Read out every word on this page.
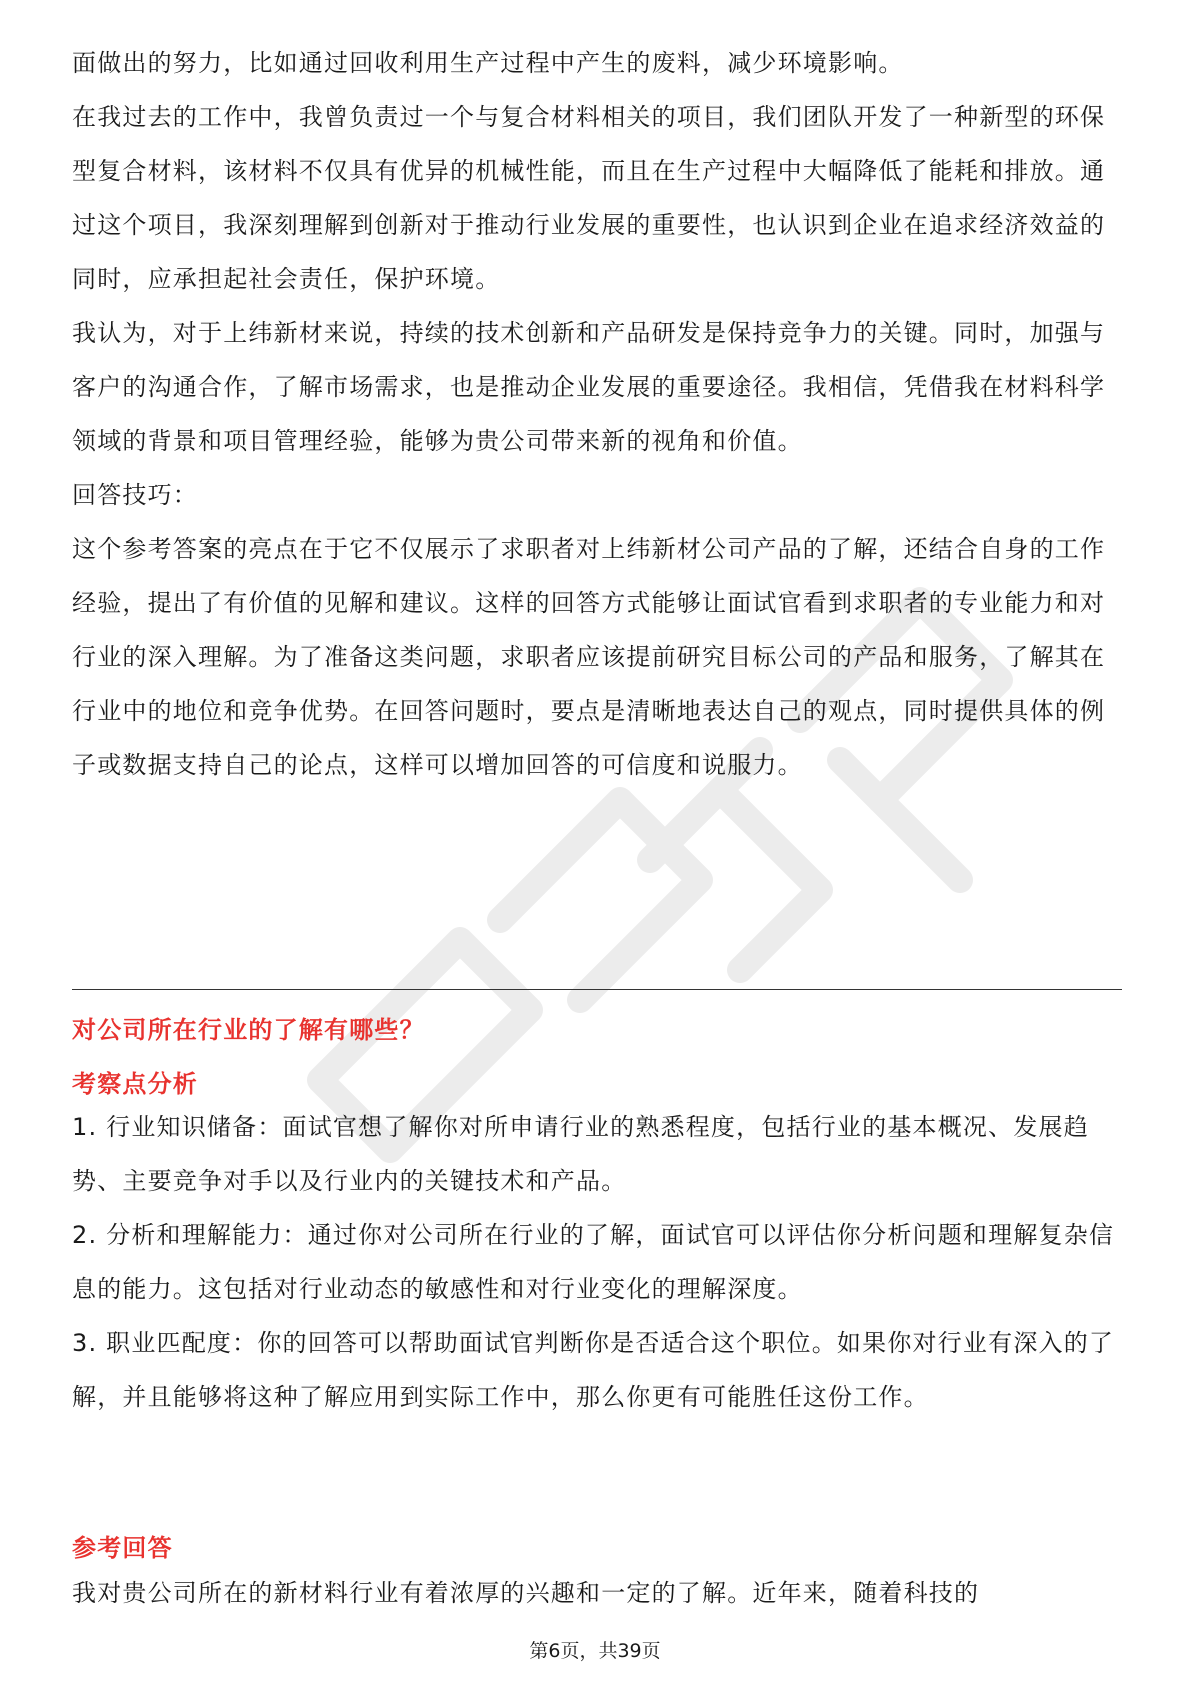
面做出的努力，比如通过回收利用生产过程中产生的废料，减少环境影响。

在我过去的工作中，我曾负责过一个与复合材料相关的项目，我们团队开发了一种新型的环保型复合材料，该材料不仅具有优异的机械性能，而且在生产过程中大幅降低了能耗和排放。通过这个项目，我深刻理解到创新对于推动行业发展的重要性，也认识到企业在追求经济效益的同时，应承担起社会责任，保护环境。

我认为，对于上纬新材来说，持续的技术创新和产品研发是保持竞争力的关键。同时，加强与客户的沟通合作，了解市场需求，也是推动企业发展的重要途径。我相信，凭借我在材料科学领域的背景和项目管理经验，能够为贵公司带来新的视角和价值。

回答技巧：

这个参考答案的亮点在于它不仅展示了求职者对上纬新材公司产品的了解，还结合自身的工作经验，提出了有价值的见解和建议。这样的回答方式能够让面试官看到求职者的专业能力和对行业的深入理解。为了准备这类问题，求职者应该提前研究目标公司的产品和服务，了解其在行业中的地位和竞争优势。在回答问题时，要点是清晰地表达自己的观点，同时提供具体的例子或数据支持自己的论点，这样可以增加回答的可信度和说服力。

对公司所在行业的了解有哪些？

考察点分析

1. 行业知识储备：面试官想了解你对所申请行业的熟悉程度，包括行业的基本概况、发展趋势、主要竞争对手以及行业内的关键技术和产品。

2. 分析和理解能力：通过你对公司所在行业的了解，面试官可以评估你分析问题和理解复杂信息的能力。这包括对行业动态的敏感性和对行业变化的理解深度。

3. 职业匹配度：你的回答可以帮助面试官判断你是否适合这个职位。如果你对行业有深入的了解，并且能够将这种了解应用到实际工作中，那么你更有可能胜任这份工作。

参考回答

我对贵公司所在的新材料行业有着浓厚的兴趣和一定的了解。近年来，随着科技的

第6页，共39页
